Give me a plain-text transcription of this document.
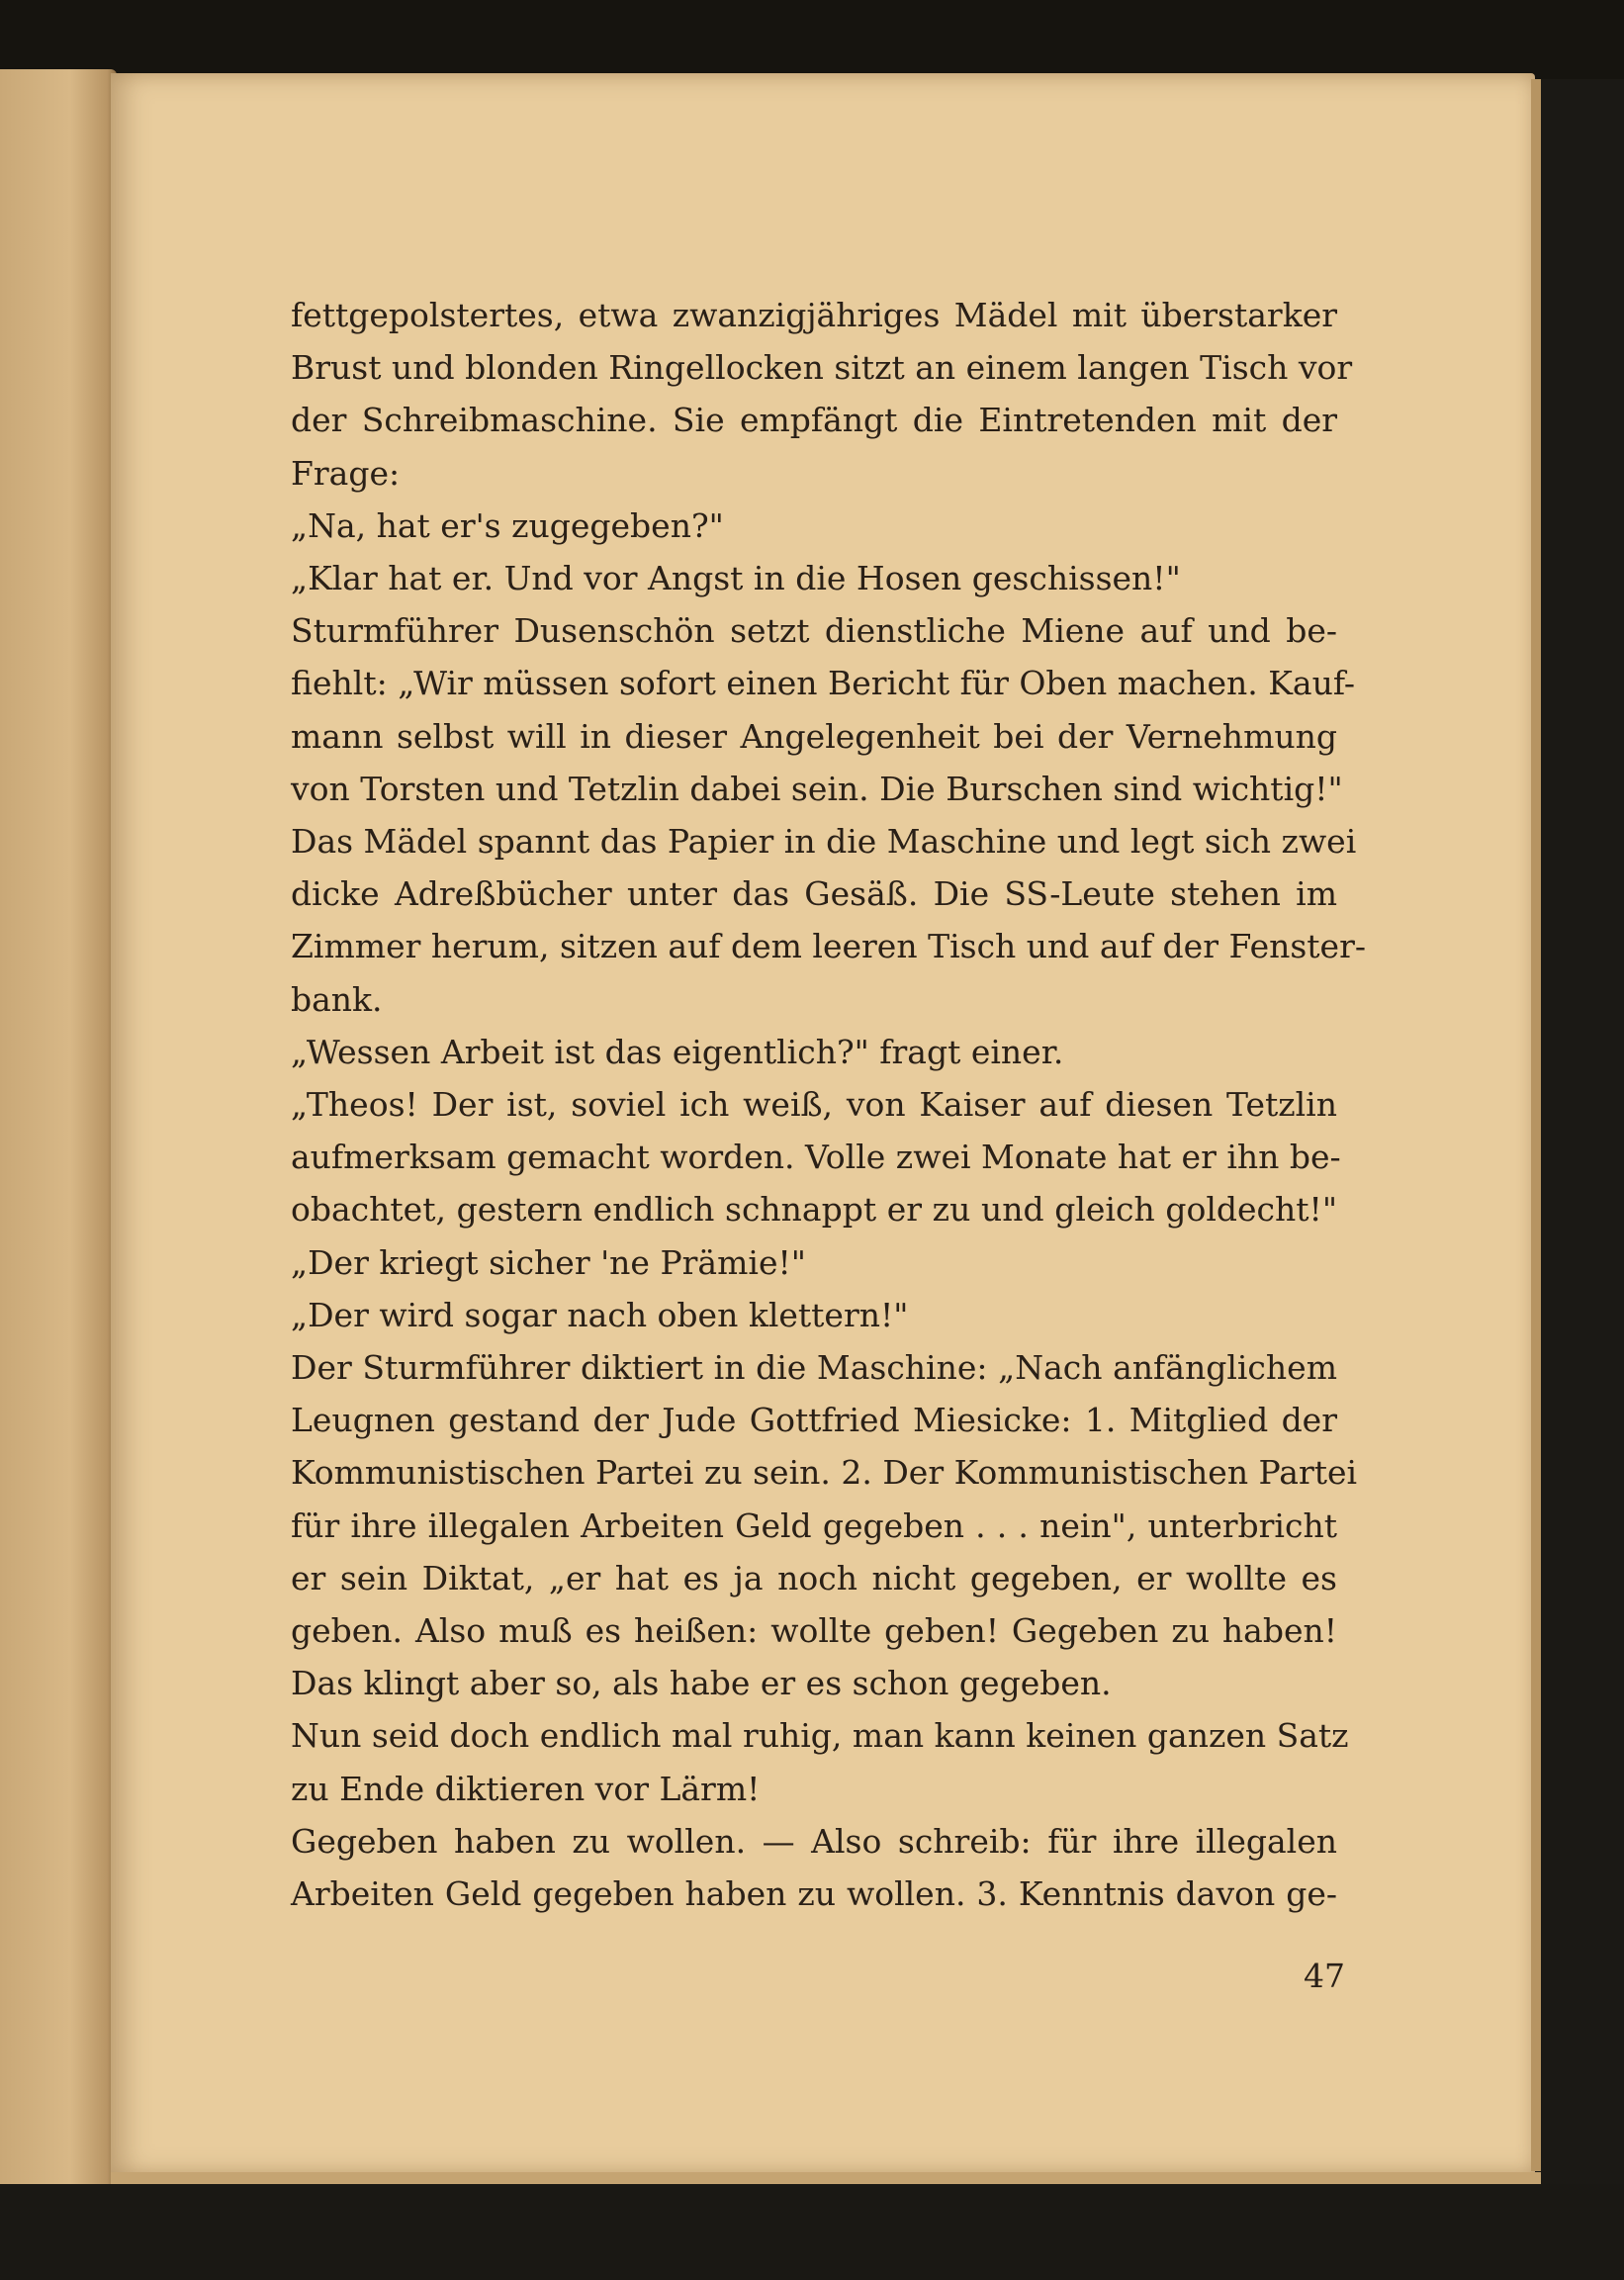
fettgepolstertes, etwa zwanzigjähriges Mädel mit überstarker
Brust und blonden Ringellocken sitzt an einem langen Tisch vor
der Schreibmaschine. Sie empfängt die Eintretenden mit der
Frage:
„Na, hat er's zugegeben?"
„Klar hat er. Und vor Angst in die Hosen geschissen!"
Sturmführer Dusenschön setzt dienstliche Miene auf und be-
fiehlt: „Wir müssen sofort einen Bericht für Oben machen. Kauf-
mann selbst will in dieser Angelegenheit bei der Vernehmung
von Torsten und Tetzlin dabei sein. Die Burschen sind wichtig!"
Das Mädel spannt das Papier in die Maschine und legt sich zwei
dicke Adreßbücher unter das Gesäß. Die SS-Leute stehen im
Zimmer herum, sitzen auf dem leeren Tisch und auf der Fenster-
bank.
„Wessen Arbeit ist das eigentlich?" fragt einer.
„Theos! Der ist, soviel ich weiß, von Kaiser auf diesen Tetzlin
aufmerksam gemacht worden. Volle zwei Monate hat er ihn be-
obachtet, gestern endlich schnappt er zu und gleich goldecht!"
„Der kriegt sicher 'ne Prämie!"
„Der wird sogar nach oben klettern!"
Der Sturmführer diktiert in die Maschine: „Nach anfänglichem
Leugnen gestand der Jude Gottfried Miesicke: 1. Mitglied der
Kommunistischen Partei zu sein. 2. Der Kommunistischen Partei
für ihre illegalen Arbeiten Geld gegeben . . . nein", unterbricht
er sein Diktat, „er hat es ja noch nicht gegeben, er wollte es
geben. Also muß es heißen: wollte geben! Gegeben zu haben!
Das klingt aber so, als habe er es schon gegeben.
Nun seid doch endlich mal ruhig, man kann keinen ganzen Satz
zu Ende diktieren vor Lärm!
Gegeben haben zu wollen. — Also schreib: für ihre illegalen
Arbeiten Geld gegeben haben zu wollen. 3. Kenntnis davon ge-
47
